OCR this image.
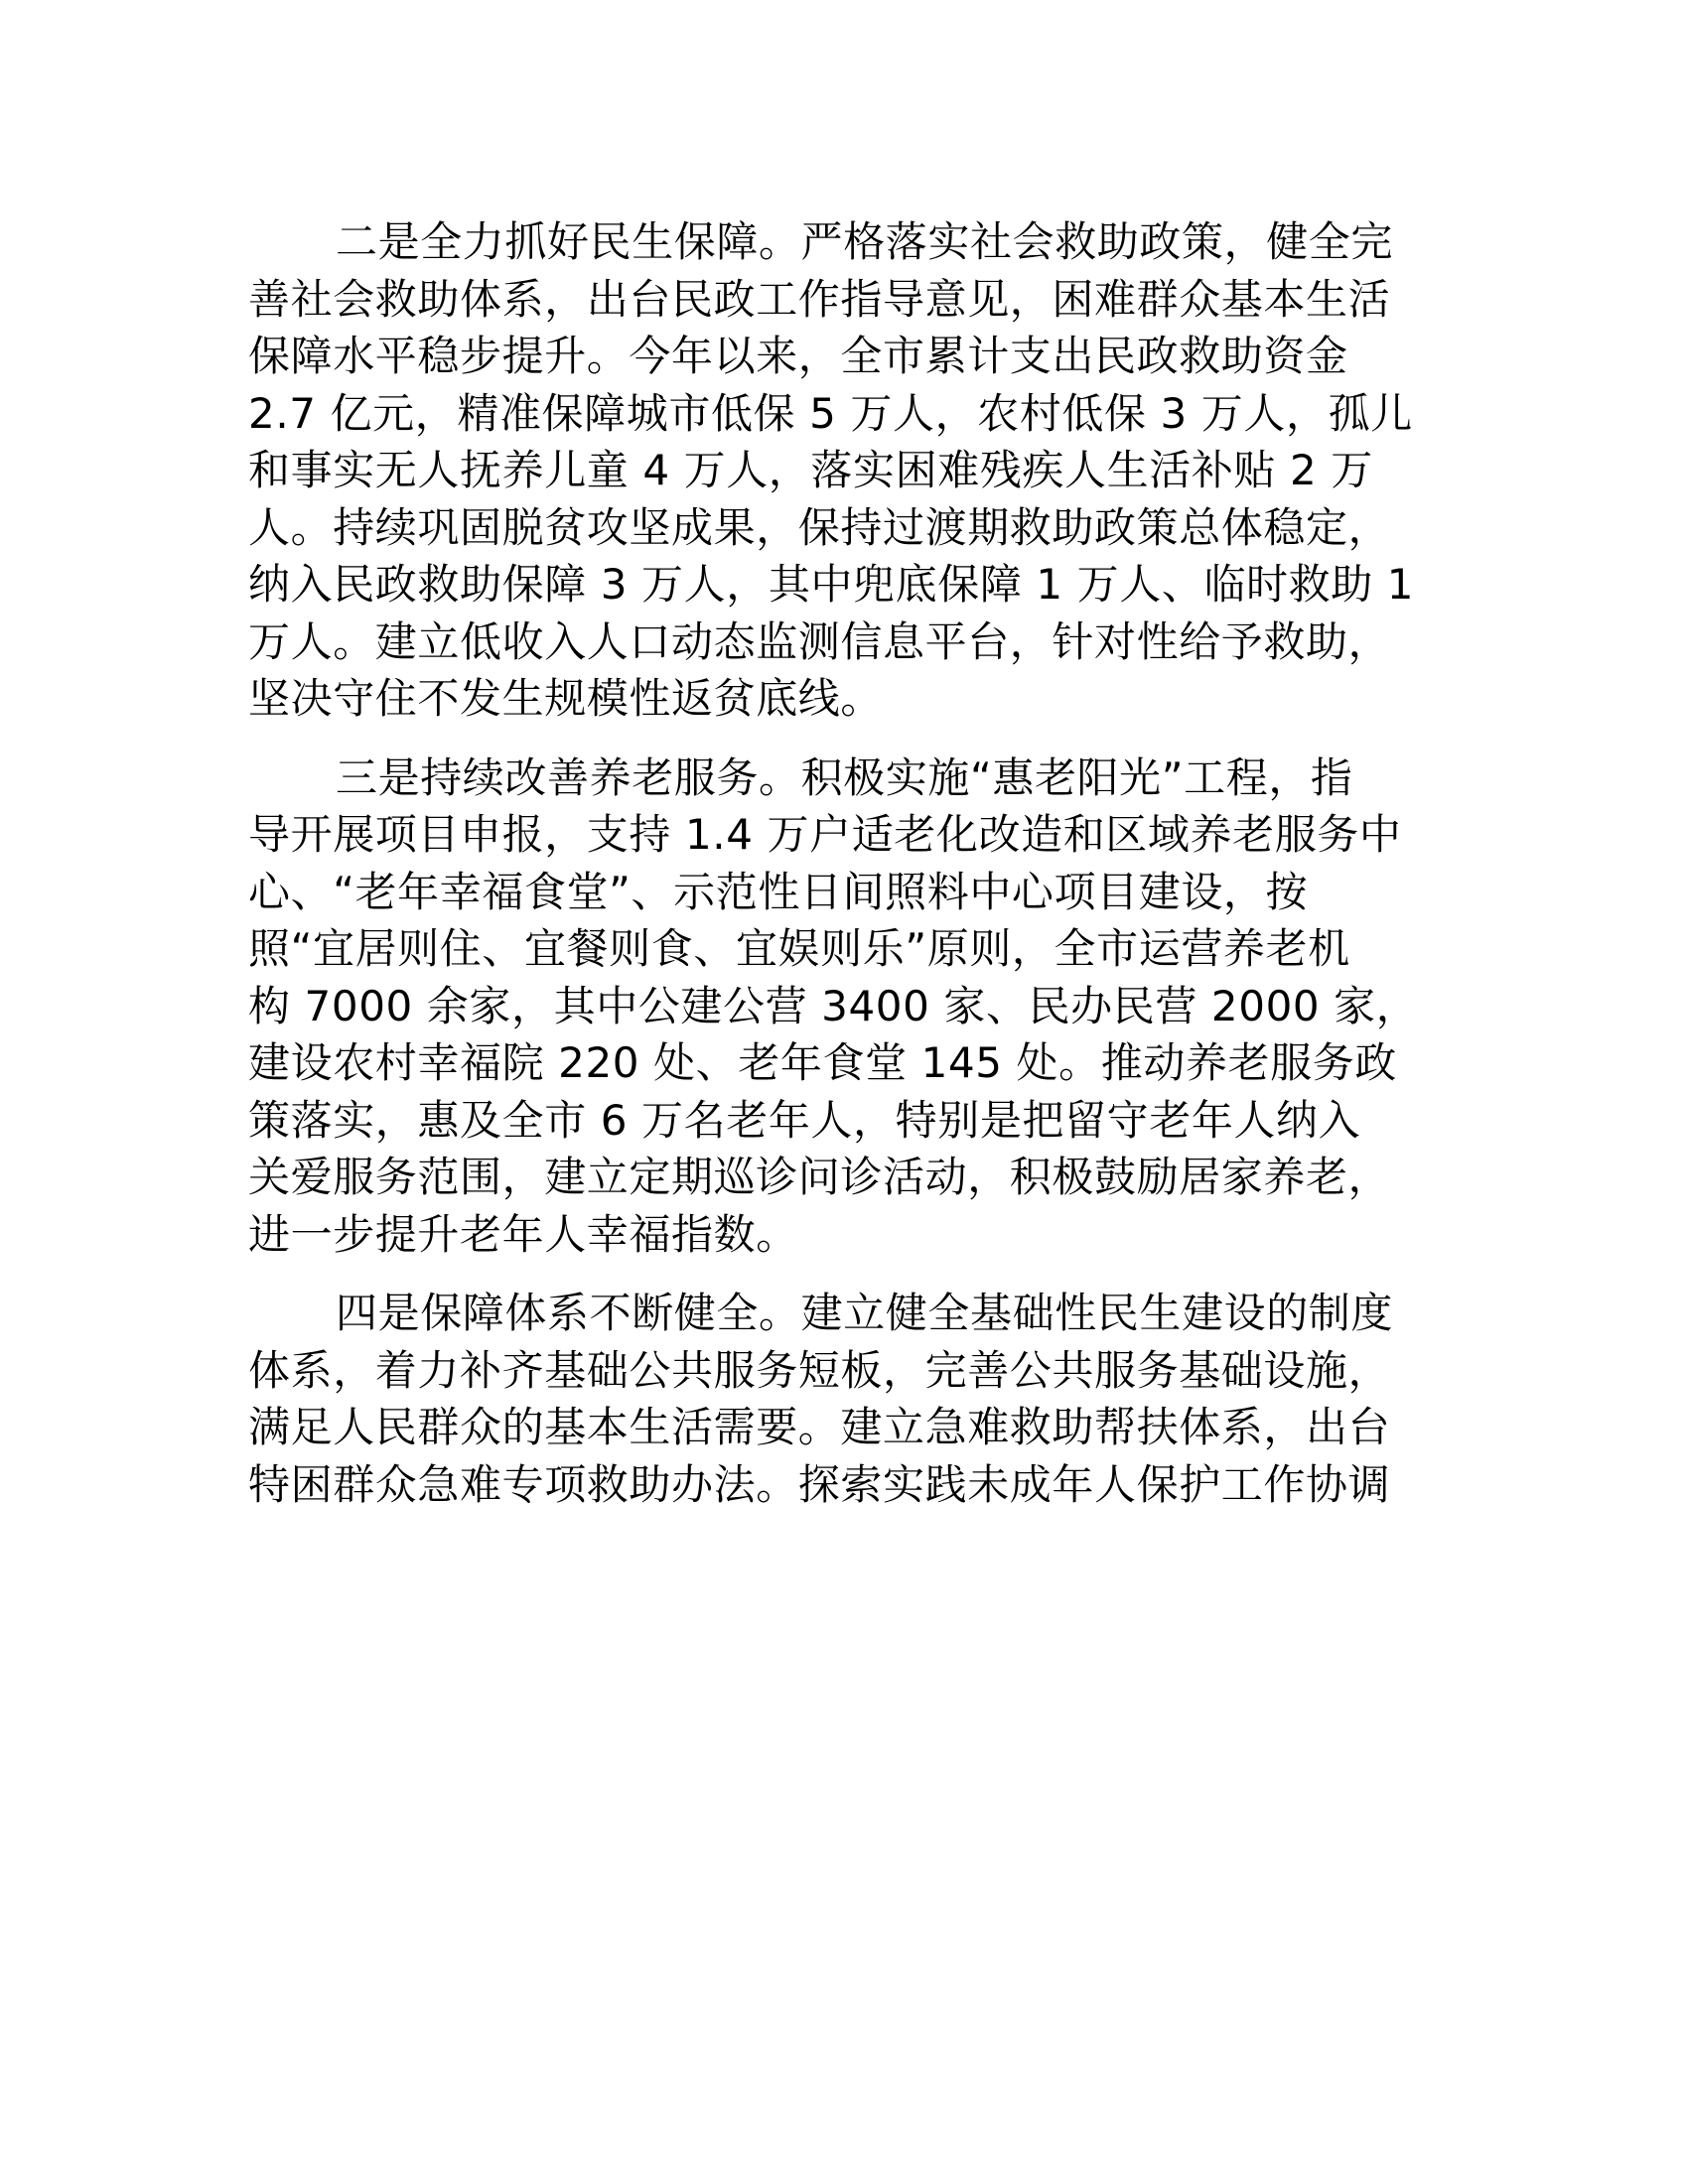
二是全力抓好民生保障。严格落实社会救助政策，健全完
善社会救助体系，出台民政工作指导意见，困难群众基本生活
保障水平稳步提升。今年以来，全市累计支出民政救助资金
2.7 亿元，精准保障城市低保 5 万人，农村低保 3 万人，孤儿
和事实无人抚养儿童 4 万人，落实困难残疾人生活补贴 2 万
人。持续巩固脱贫攻坚成果，保持过渡期救助政策总体稳定，
纳入民政救助保障 3 万人，其中兜底保障 1 万人、临时救助 1
万人。建立低收入人口动态监测信息平台，针对性给予救助，
坚决守住不发生规模性返贫底线。
三是持续改善养老服务。积极实施“惠老阳光”工程，指
导开展项目申报，支持 1.4 万户适老化改造和区域养老服务中
心、“老年幸福食堂”、示范性日间照料中心项目建设，按
照“宜居则住、宜餐则食、宜娱则乐”原则，全市运营养老机
构 7000 余家，其中公建公营 3400 家、民办民营 2000 家，
建设农村幸福院 220 处、老年食堂 145 处。推动养老服务政
策落实，惠及全市 6 万名老年人，特别是把留守老年人纳入
关爱服务范围，建立定期巡诊问诊活动，积极鼓励居家养老，
进一步提升老年人幸福指数。
四是保障体系不断健全。建立健全基础性民生建设的制度
体系，着力补齐基础公共服务短板，完善公共服务基础设施，
满足人民群众的基本生活需要。建立急难救助帮扶体系，出台
特困群众急难专项救助办法。探索实践未成年人保护工作协调
